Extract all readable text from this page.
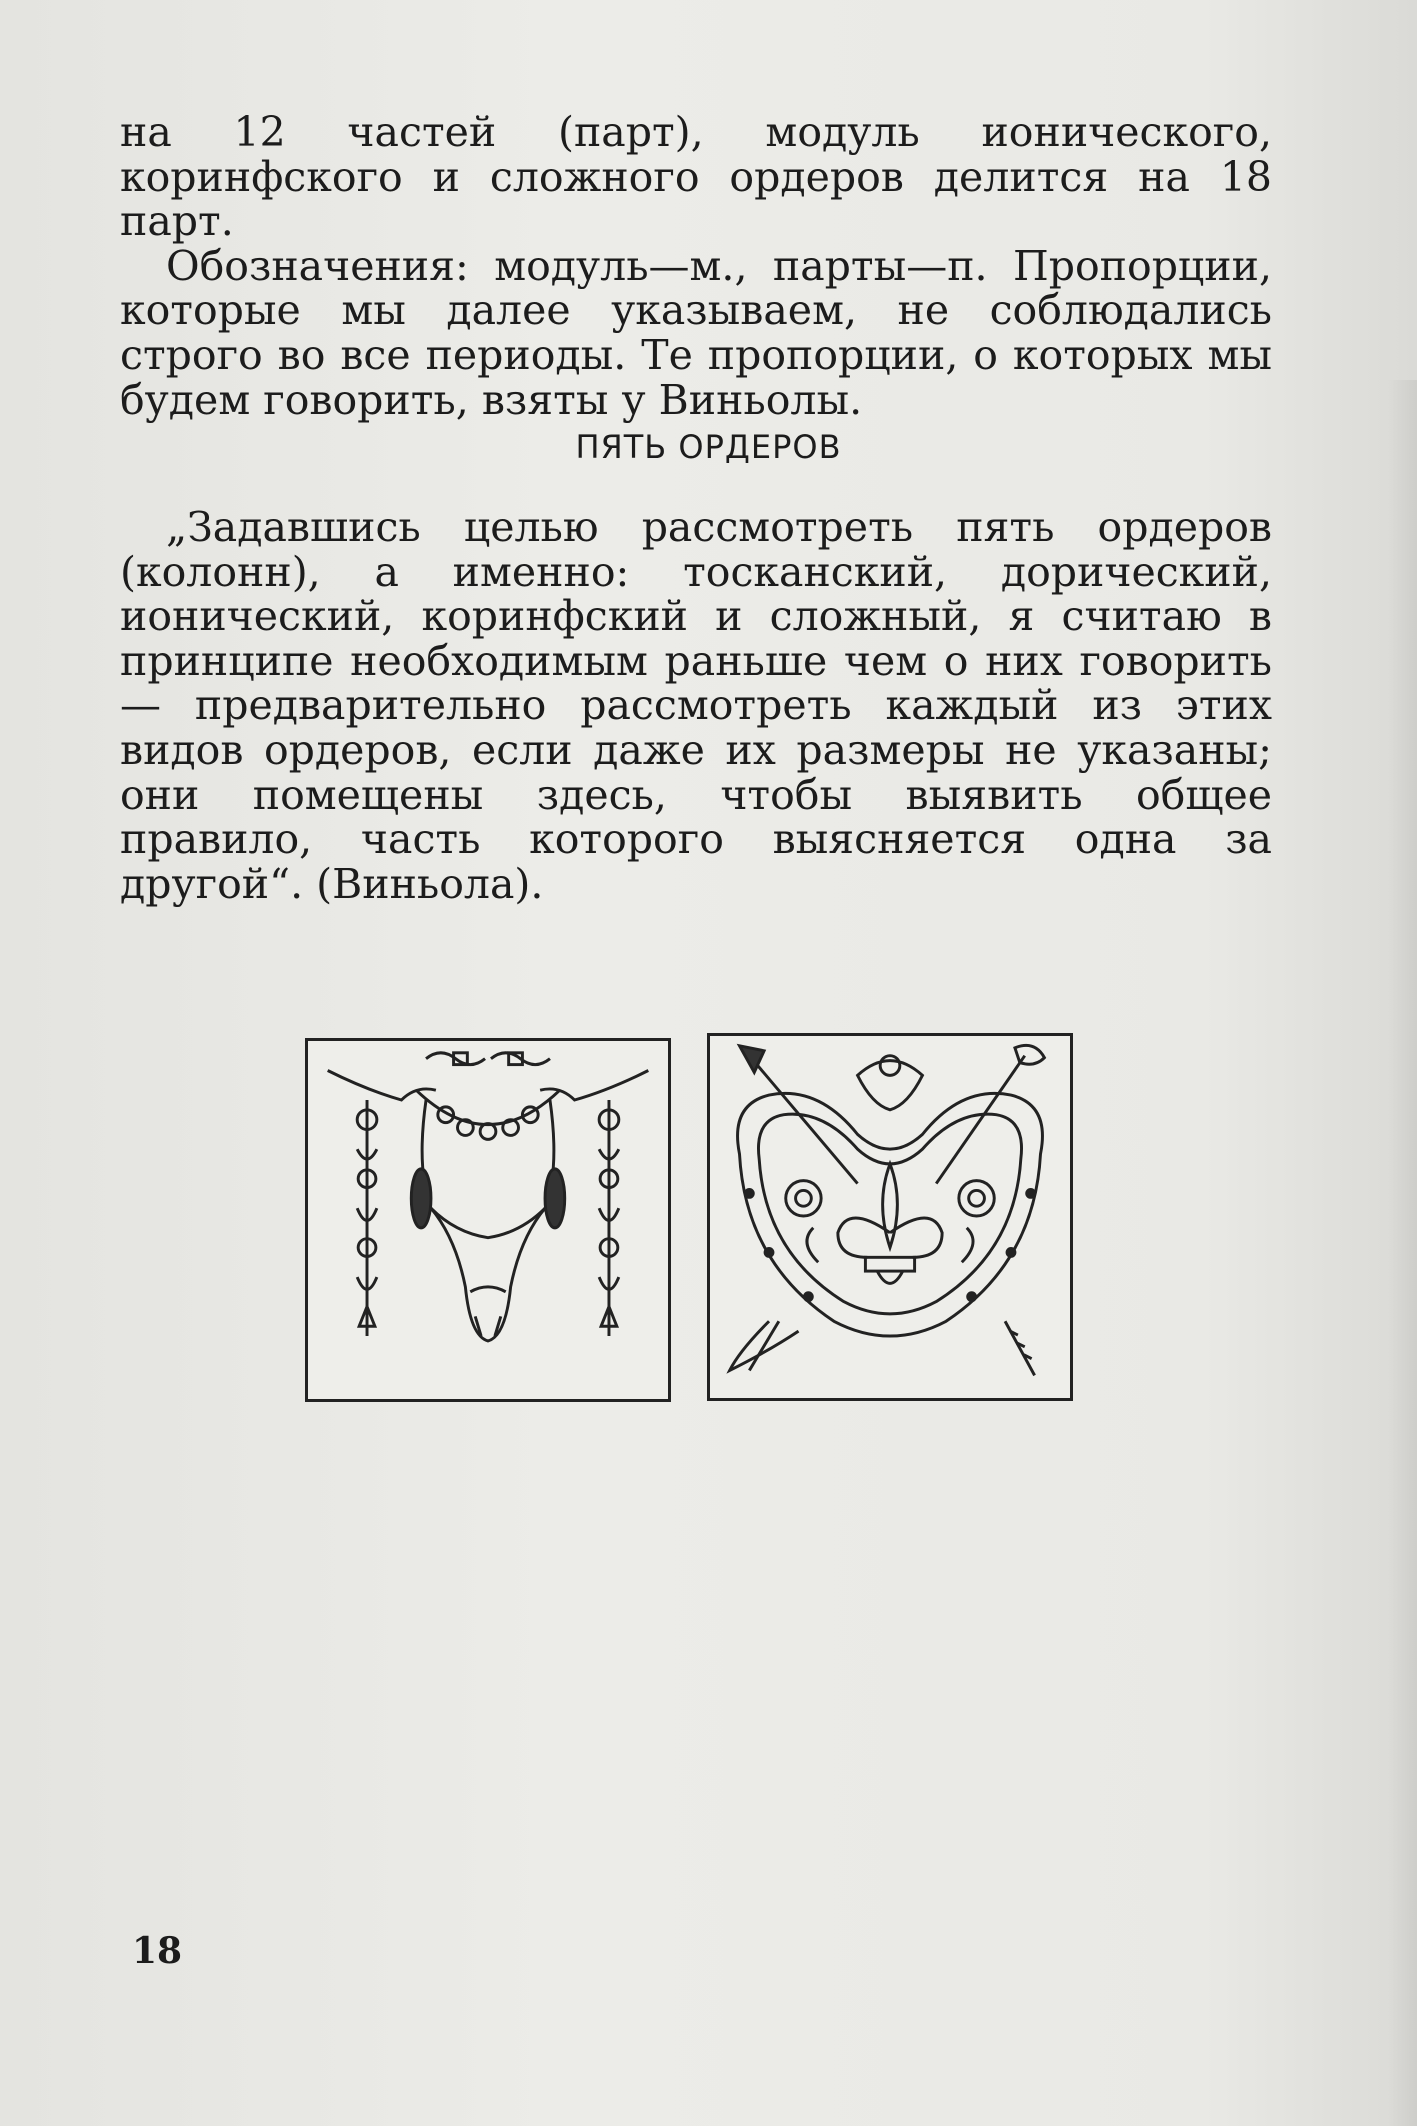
на 12 частей (парт), модуль ионического, коринфского и сложного ордеров делится на 18 парт.

Обозначения: модуль—м., парты—п. Пропорции, которые мы далее указываем, не соблюдались строго во все периоды. Те пропорции, о которых мы будем говорить, взяты у Виньолы.

ПЯТЬ ОРДЕРОВ

„Задавшись целью рассмотреть пять ордеров (колонн), а именно: тосканский, дорический, ионический, коринфский и сложный, я считаю в принципе необходимым раньше чем о них говорить — предварительно рассмотреть каждый из этих видов ордеров, если даже их размеры не указаны; они помещены здесь, чтобы выявить общее правило, часть которого выясняется одна за другой“. (Виньола).

18
